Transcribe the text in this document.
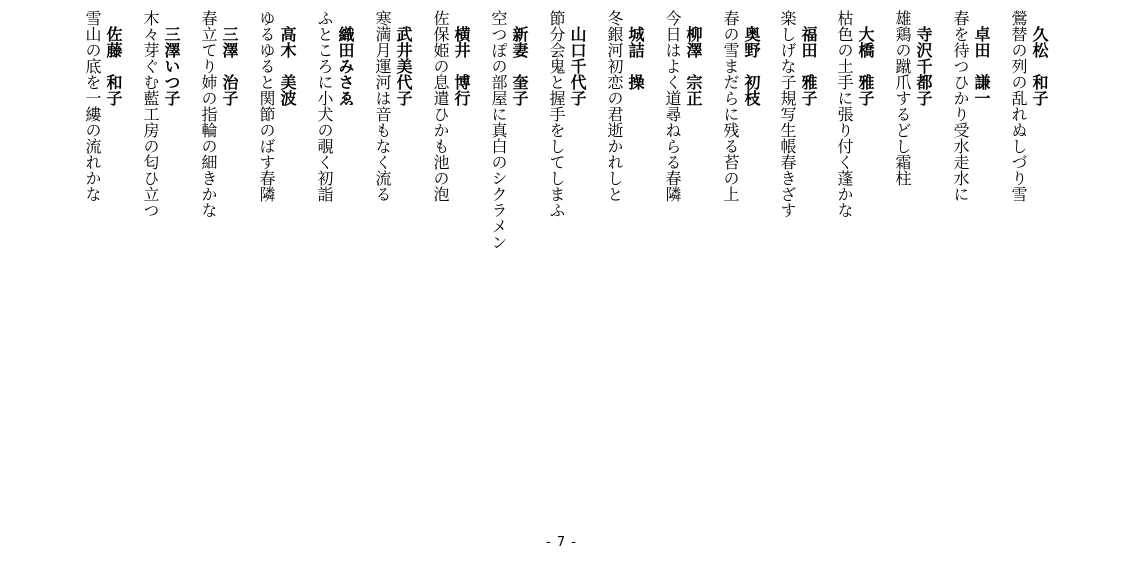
久松　和子
鶯替の列の乱れぬしづり雪
卓田　謙一
春を待つひかり受水走水に
寺沢千都子
雄鶏の蹴爪するどし霜柱
大橋　雅子
枯色の土手に張り付く蓬かな
福田　雅子
楽しげな子規写生帳春きざす
奥野　初枝
春の雪まだらに残る苔の上
柳澤　宗正
今日はよく道尋ねらる春隣
城詰　操
冬銀河初恋の君逝かれしと
山口千代子
節分会鬼と握手をしてしまふ
新妻　奎子
空つぽの部屋に真白のシクラメン
横井　博行
佐保姫の息遣ひかも池の泡
武井美代子
寒満月運河は音もなく流る
織田みさゑ
ふところに小犬の覗く初詣
高木　美波
ゆるゆると関節のばす春隣
三澤　治子
春立てり姉の指輪の細きかな
三澤いつ子
木々芽ぐむ藍工房の匂ひ立つ
佐藤　和子
雪山の底を一縷の流れかな
- 7 -
